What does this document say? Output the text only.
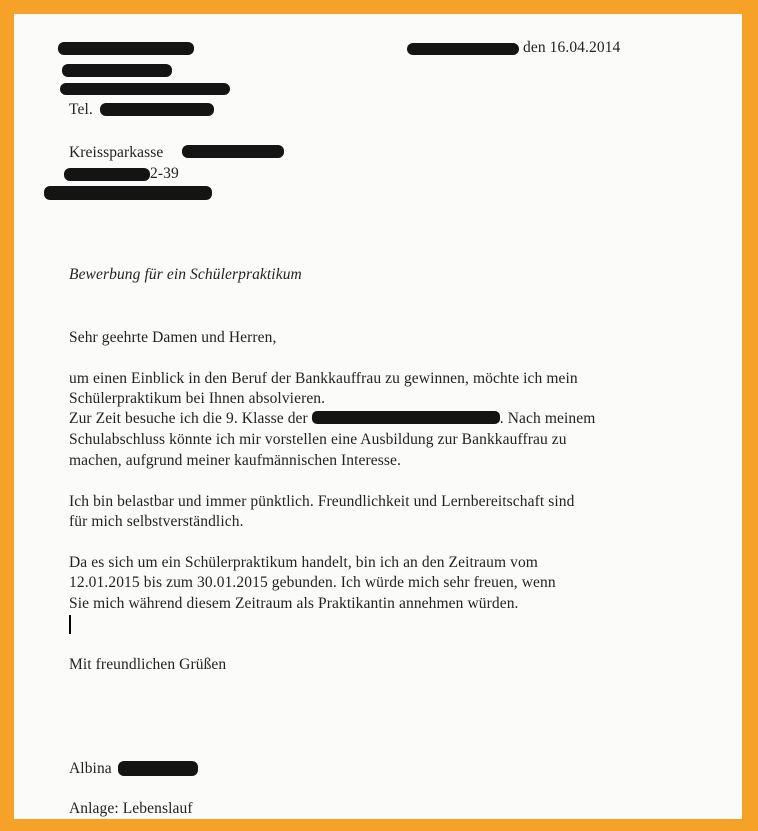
Tel.
den 16.04.2014
Kreissparkasse
2-39
Bewerbung für ein Schülerpraktikum
Sehr geehrte Damen und Herren,
um einen Einblick in den Beruf der Bankkauffrau zu gewinnen, möchte ich mein
Schülerpraktikum bei Ihnen absolvieren.
Zur Zeit besuche ich die 9. Klasse der	. Nach meinem
Schulabschluss könnte ich mir vorstellen eine Ausbildung zur Bankkauffrau zu
machen, aufgrund meiner kaufmännischen Interesse.
Ich bin belastbar und immer pünktlich. Freundlichkeit und Lernbereitschaft sind
für mich selbstverständlich.
Da es sich um ein Schülerpraktikum handelt, bin ich an den Zeitraum vom
12.01.2015 bis zum 30.01.2015 gebunden. Ich würde mich sehr freuen, wenn
Sie mich während diesem Zeitraum als Praktikantin annehmen würden.
Mit freundlichen Grüßen
Albina
Anlage: Lebenslauf
